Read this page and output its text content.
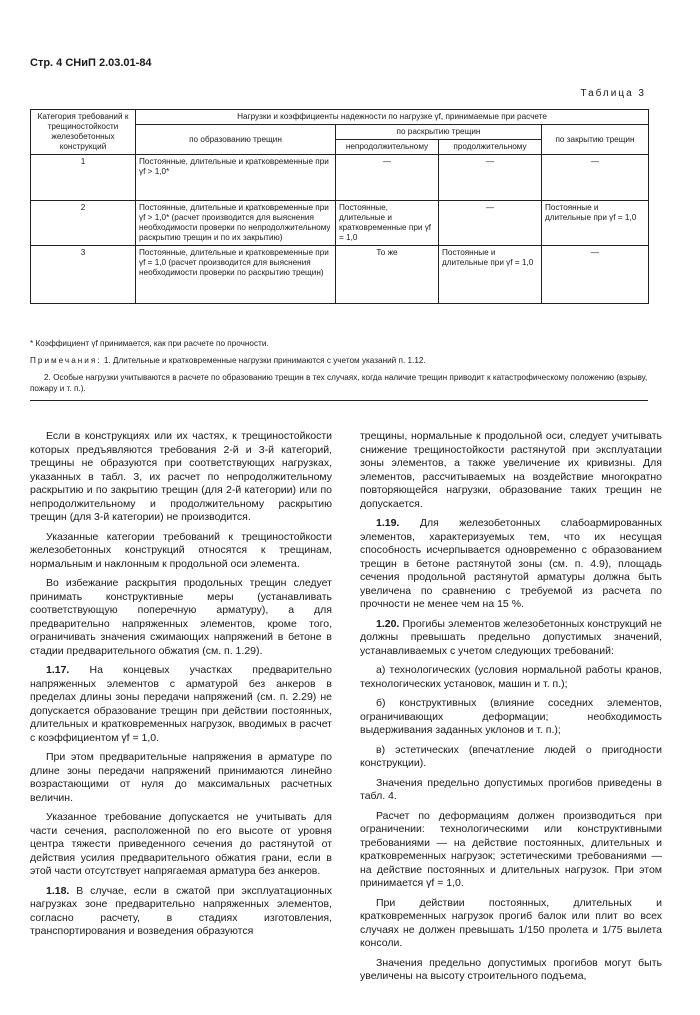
Стр. 4 СНиП 2.03.01-84
Таблица 3
Категория требований к трещиностойкости железобетонных конструкций	Нагрузки и коэффициенты надежности по нагрузке γf, принимаемые при расчете			
	по образованию трещин	по раскрытию трещин		по закрытию трещин
		непродолжительному	продолжительному	
1	Постоянные, длительные и кратковременные при γf > 1,0*	—	—	—
2	Постоянные, длительные и кратковременные при γf > 1,0* (расчет производится для выяснения необходимости проверки по непродолжительному раскрытию трещин и по их закрытию)	Постоянные, длительные и кратковременные при γf = 1,0	—	Постоянные и длительные при γf = 1,0
3	Постоянные, длительные и кратковременные при γf = 1,0 (расчет производится для выяснения необходимости проверки по раскрытию трещин)	То же	Постоянные и длительные при γf = 1,0	—

* Коэффициент γf принимается, как при расчете по прочности.

Примечания: 1. Длительные и кратковременные нагрузки принимаются с учетом указаний п. 1.12.

2. Особые нагрузки учитываются в расчете по образованию трещин в тех случаях, когда наличие трещин приводит к катастрофическому положению (взрыву, пожару и т. п.).

Если в конструкциях или их частях, к трещиностойкости которых предъявляются требования 2-й и 3-й категорий, трещины не образуются при соответствующих нагрузках, указанных в табл. 3, их расчет по непродолжительному раскрытию и по закрытию трещин (для 2-й категории) или по непродолжительному и продолжительному раскрытию трещин (для 3-й категории) не производится.

Указанные категории требований к трещиностойкости железобетонных конструкций относятся к трещинам, нормальным и наклонным к продольной оси элемента.

Во избежание раскрытия продольных трещин следует принимать конструктивные меры (устанавливать соответствующую поперечную арматуру), а для предварительно напряженных элементов, кроме того, ограничивать значения сжимающих напряжений в бетоне в стадии предварительного обжатия (см. п. 1.29).

1.17. На концевых участках предварительно напряженных элементов с арматурой без анкеров в пределах длины зоны передачи напряжений (см. п. 2.29) не допускается образование трещин при действии постоянных, длительных и кратковременных нагрузок, вводимых в расчет с коэффициентом γf = 1,0.

При этом предварительные напряжения в арматуре по длине зоны передачи напряжений принимаются линейно возрастающими от нуля до максимальных расчетных величин.

Указанное требование допускается не учитывать для части сечения, расположенной по его высоте от уровня центра тяжести приведенного сечения до растянутой от действия усилия предварительного обжатия грани, если в этой части отсутствует напрягаемая арматура без анкеров.

1.18. В случае, если в сжатой при эксплуатационных нагрузках зоне предварительно напряженных элементов, согласно расчету, в стадиях изготовления, транспортирования и возведения образуются

трещины, нормальные к продольной оси, следует учитывать снижение трещиностойкости растянутой при эксплуатации зоны элементов, а также увеличение их кривизны. Для элементов, рассчитываемых на воздействие многократно повторяющейся нагрузки, образование таких трещин не допускается.

1.19. Для железобетонных слабоармированных элементов, характеризуемых тем, что их несущая способность исчерпывается одновременно с образованием трещин в бетоне растянутой зоны (см. п. 4.9), площадь сечения продольной растянутой арматуры должна быть увеличена по сравнению с требуемой из расчета по прочности не менее чем на 15 %.

1.20. Прогибы элементов железобетонных конструкций не должны превышать предельно допустимых значений, устанавливаемых с учетом следующих требований:

а) технологических (условия нормальной работы кранов, технологических установок, машин и т. п.);

б) конструктивных (влияние соседних элементов, ограничивающих деформации; необходимость выдерживания заданных уклонов и т. п.);

в) эстетических (впечатление людей о пригодности конструкции).

Значения предельно допустимых прогибов приведены в табл. 4.

Расчет по деформациям должен производиться при ограничении: технологическими или конструктивными требованиями — на действие постоянных, длительных и кратковременных нагрузок; эстетическими требованиями — на действие постоянных и длительных нагрузок. При этом принимается γf = 1,0.

При действии постоянных, длительных и кратковременных нагрузок прогиб балок или плит во всех случаях не должен превышать 1/150 пролета и 1/75 вылета консоли.

Значения предельно допустимых прогибов могут быть увеличены на высоту строительного подъема,
